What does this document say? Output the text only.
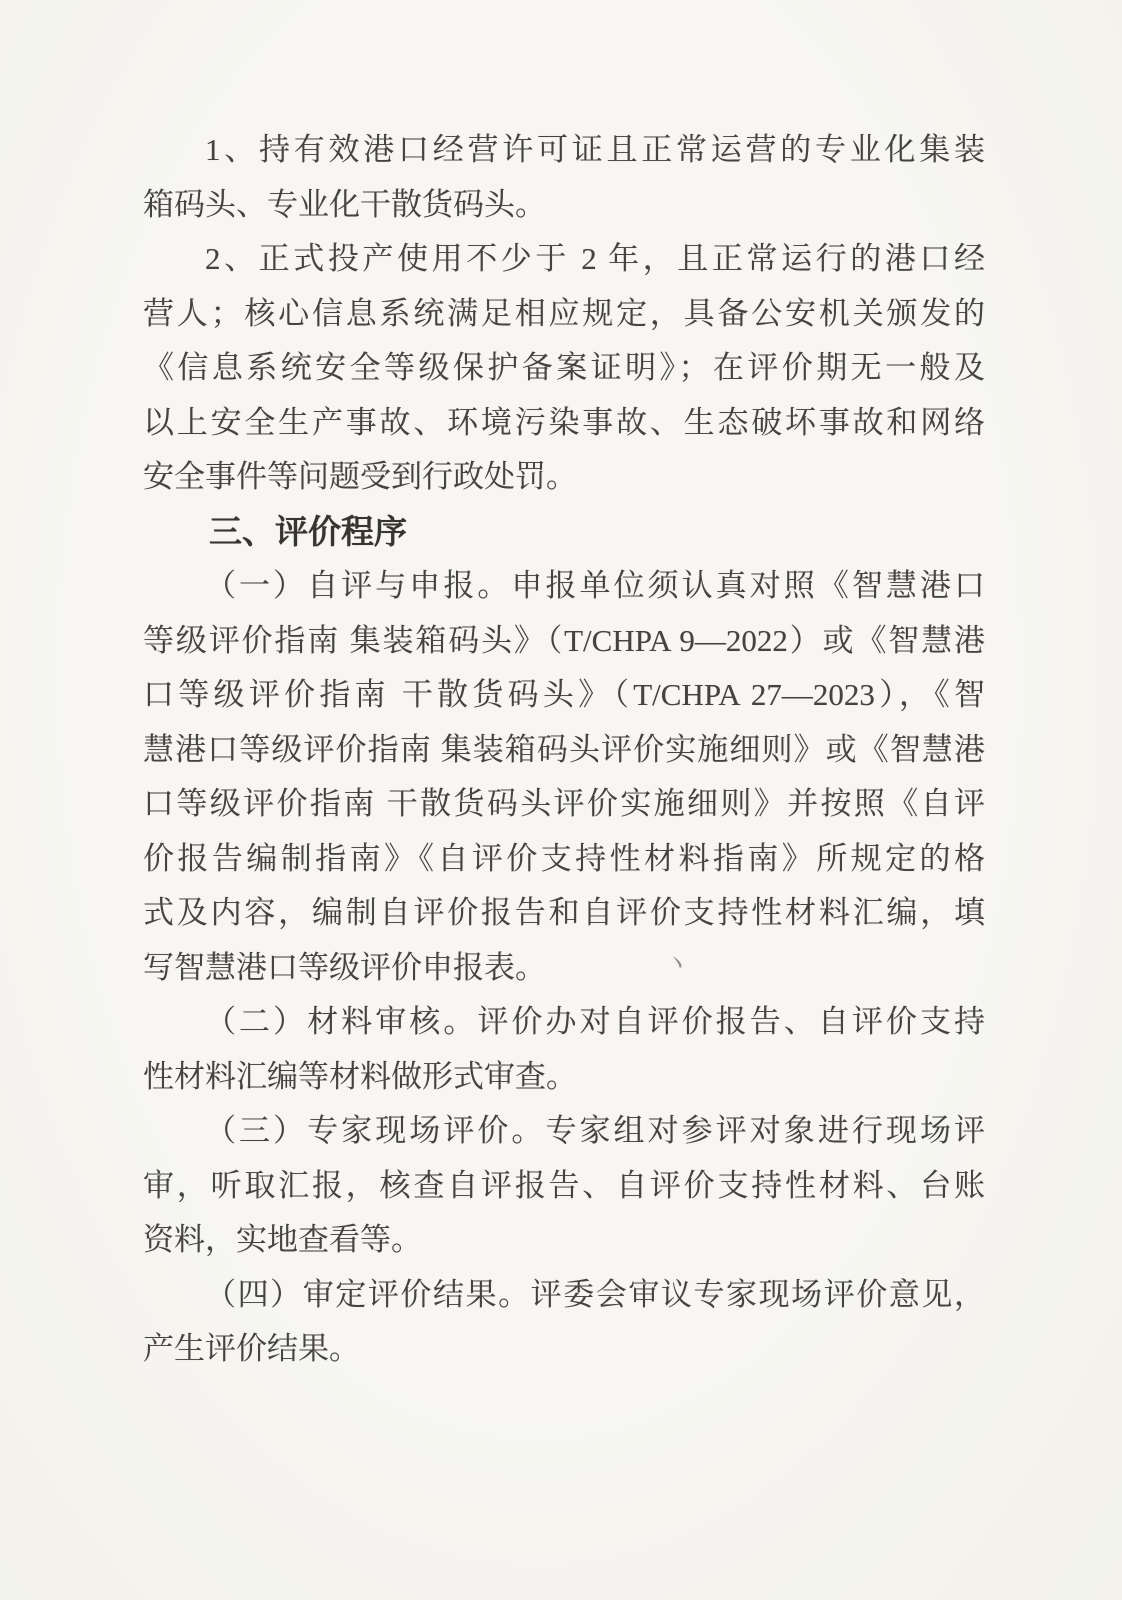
1、持有效港口经营许可证且正常运营的专业化集装
箱码头、专业化干散货码头。
2、正式投产使用不少于 2 年，且正常运行的港口经
营人；核心信息系统满足相应规定，具备公安机关颁发的
《信息系统安全等级保护备案证明》；在评价期无一般及
以上安全生产事故、环境污染事故、生态破坏事故和网络
安全事件等问题受到行政处罚。
三、评价程序
（一）自评与申报。申报单位须认真对照《智慧港口
等级评价指南 集装箱码头》（T/CHPA 9—2022）或《智慧港
口等级评价指南 干散货码头》（T/CHPA 27—2023），《智
慧港口等级评价指南 集装箱码头评价实施细则》或《智慧港
口等级评价指南 干散货码头评价实施细则》并按照《自评
价报告编制指南》《自评价支持性材料指南》所规定的格
式及内容，编制自评价报告和自评价支持性材料汇编，填
写智慧港口等级评价申报表。
（二）材料审核。评价办对自评价报告、自评价支持
性材料汇编等材料做形式审查。
（三）专家现场评价。专家组对参评对象进行现场评
审，听取汇报，核查自评报告、自评价支持性材料、台账
资料，实地查看等。
（四）审定评价结果。评委会审议专家现场评价意见，
产生评价结果。
丶
